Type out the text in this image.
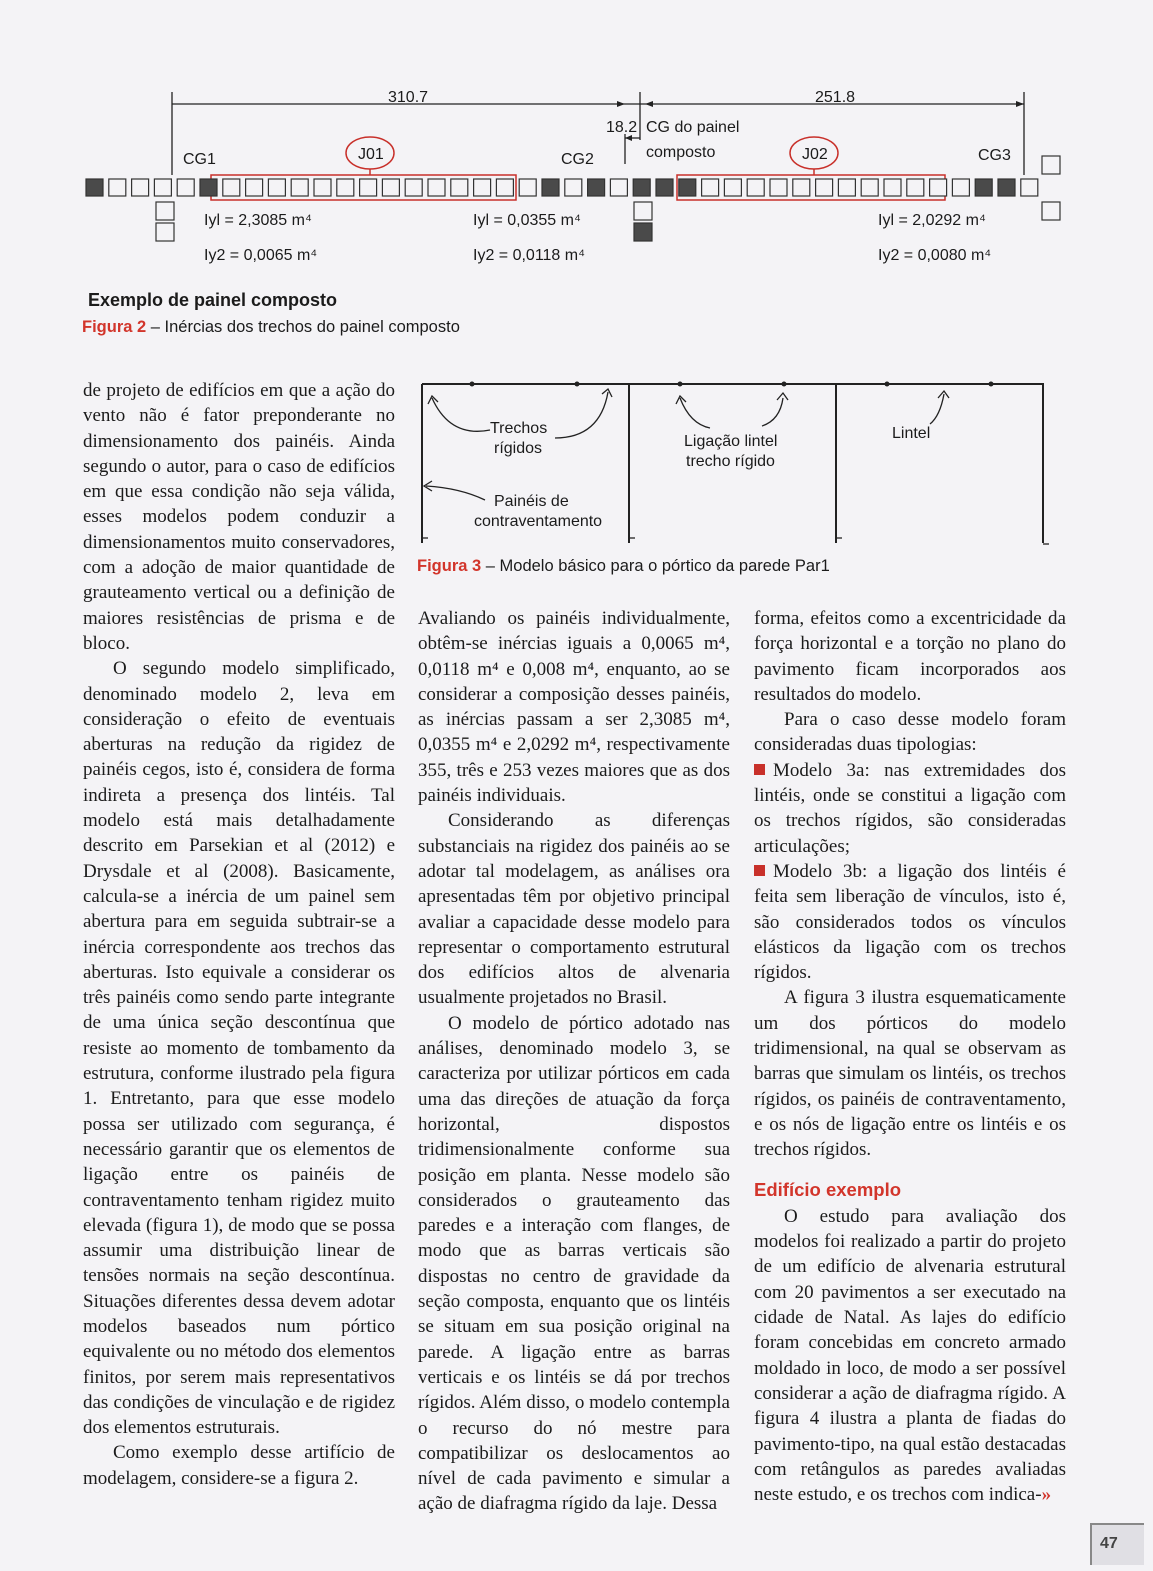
310.7	251.8
18.2 CG do painel
composto
CG1	CG2	CG3
J01	J02
Iyl = 2,3085 m⁴
Iy2 = 0,0065 m⁴
Iyl = 0,0355 m⁴
Iy2 = 0,0118 m⁴
Iyl = 2,0292 m⁴
Iy2 = 0,0080 m⁴
Exemplo de painel composto
Figura 2 – Inércias dos trechos do painel composto
Trechos
rígidos	Ligação lintel
trecho rígido
Lintel
Painéis de
contraventamento
Figura 3 – Modelo básico para o pórtico da parede Par1

de projeto de edifícios em que a ação do vento não é fator preponderante no dimensionamento dos painéis. Ainda segundo o autor, para o caso de edifícios em que essa condição não seja válida, esses modelos podem conduzir a dimensionamentos muito conservadores, com a adoção de maior quantidade de grauteamento vertical ou a definição de maiores resistências de prisma e de bloco.

O segundo modelo simplificado, denominado modelo 2, leva em consideração o efeito de eventuais aberturas na redução da rigidez de painéis cegos, isto é, considera de forma indireta a presença dos lintéis. Tal modelo está mais detalhadamente descrito em Parsekian et al (2012) e Drysdale et al (2008). Basicamente, calcula-se a inércia de um painel sem abertura para em seguida subtrair-se a inércia correspondente aos trechos das aberturas. Isto equivale a considerar os três painéis como sendo parte integrante de uma única seção descontínua que resiste ao momento de tombamento da estrutura, conforme ilustrado pela figura 1. Entretanto, para que esse modelo possa ser utilizado com segurança, é necessário garantir que os elementos de ligação entre os painéis de contraventamento tenham rigidez muito elevada (figura 1), de modo que se possa assumir uma distribuição linear de tensões normais na seção descontínua. Situações diferentes dessa devem adotar modelos baseados num pórtico equivalente ou no método dos elementos finitos, por serem mais representativos das condições de vinculação e de rigidez dos elementos estruturais.

Como exemplo desse artifício de modelagem, considere-se a figura 2.

Avaliando os painéis individualmente, obtêm-se inércias iguais a 0,0065 m⁴, 0,0118 m⁴ e 0,008 m⁴, enquanto, ao se considerar a composição desses painéis, as inércias passam a ser 2,3085 m⁴, 0,0355 m⁴ e 2,0292 m⁴, respectivamente 355, três e 253 vezes maiores que as dos painéis individuais.

Considerando as diferenças substanciais na rigidez dos painéis ao se adotar tal modelagem, as análises ora apresentadas têm por objetivo principal avaliar a capacidade desse modelo para representar o comportamento estrutural dos edifícios altos de alvenaria usualmente projetados no Brasil.

O modelo de pórtico adotado nas análises, denominado modelo 3, se caracteriza por utilizar pórticos em cada uma das direções de atuação da força horizontal, dispostos tridimensionalmente conforme sua posição em planta. Nesse modelo são considerados o grauteamento das paredes e a interação com flanges, de modo que as barras verticais são dispostas no centro de gravidade da seção composta, enquanto que os lintéis se situam em sua posição original na parede. A ligação entre as barras verticais e os lintéis se dá por trechos rígidos. Além disso, o modelo contempla o recurso do nó mestre para compatibilizar os deslocamentos ao nível de cada pavimento e simular a ação de diafragma rígido da laje. Dessa

forma, efeitos como a excentricidade da força horizontal e a torção no plano do pavimento ficam incorporados aos resultados do modelo.

Para o caso desse modelo foram consideradas duas tipologias:

Modelo 3a: nas extremidades dos lintéis, onde se constitui a ligação com os trechos rígidos, são consideradas articulações;

Modelo 3b: a ligação dos lintéis é feita sem liberação de vínculos, isto é, são considerados todos os vínculos elásticos da ligação com os trechos rígidos.

A figura 3 ilustra esquematicamente um dos pórticos do modelo tridimensional, na qual se observam as barras que simulam os lintéis, os trechos rígidos, os painéis de contraventamento, e os nós de ligação entre os lintéis e os trechos rígidos.

Edifício exemplo

O estudo para avaliação dos modelos foi realizado a partir do projeto de um edifício de alvenaria estrutural com 20 pavimentos a ser executado na cidade de Natal. As lajes do edifício foram concebidas em concreto armado moldado in loco, de modo a ser possível considerar a ação de diafragma rígido. A figura 4 ilustra a planta de fiadas do pavimento-tipo, na qual estão destacadas com retângulos as paredes avaliadas neste estudo, e os trechos com indica-»

47
